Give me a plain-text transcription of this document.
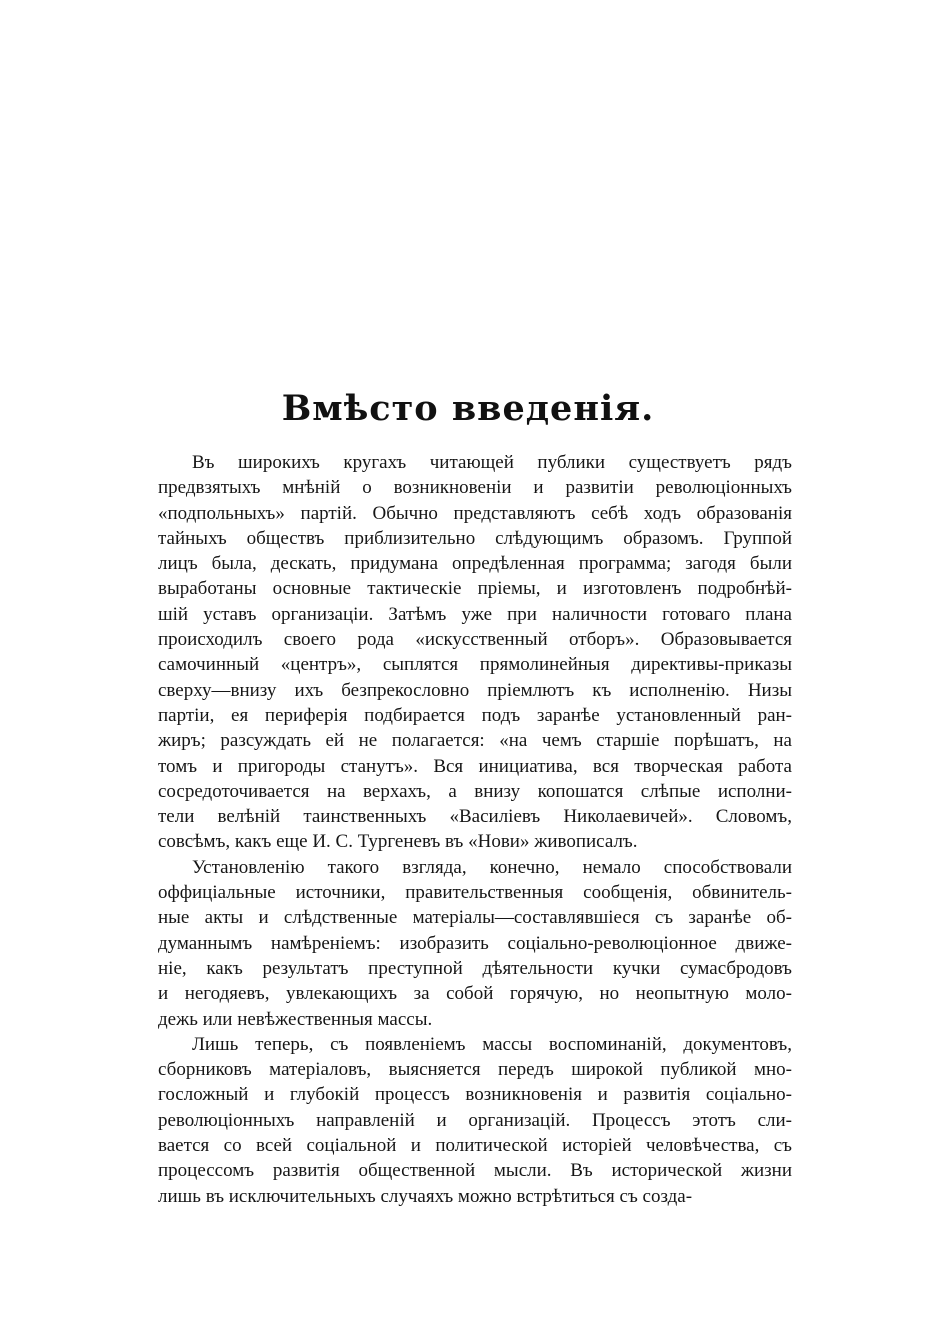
Вмѣсто введенія.
Въ широкихъ кругахъ читающей публики существуетъ рядъ
предвзятыхъ мнѣній о возникновеніи и развитіи революціонныхъ
«подпольныхъ» партій. Обычно представляютъ себѣ ходъ образованія
тайныхъ обществъ приблизительно слѣдующимъ образомъ. Группой
лицъ была, дескать, придумана опредѣленная программа; загодя были
выработаны основные тактическіе пріемы, и изготовленъ подробнѣй-
шій уставъ организаціи. Затѣмъ уже при наличности готоваго плана
происходилъ своего рода «искусственный отборъ». Образовывается
самочинный «центръ», сыплятся прямолинейныя директивы-приказы
сверху—внизу ихъ безпрекословно пріемлютъ къ исполненію. Низы
партіи, ея периферія подбирается подъ заранѣе установленный ран-
жиръ; разсуждать ей не полагается: «на чемъ старшіе порѣшатъ, на
томъ и пригороды станутъ». Вся инициатива, вся творческая работа
сосредоточивается на верхахъ, а внизу копошатся слѣпые исполни-
тели велѣній таинственныхъ «Василіевъ Николаевичей». Словомъ,
совсѣмъ, какъ еще И. С. Тургеневъ въ «Нови» живописалъ.
Установленію такого взгляда, конечно, немало способствовали
оффиціальные источники, правительственныя сообщенія, обвинитель-
ные акты и слѣдственные матеріалы—составлявшіеся съ заранѣе об-
думаннымъ намѣреніемъ: изобразить соціально-революціонное движе-
ніе, какъ результатъ преступной дѣятельности кучки сумасбродовъ
и негодяевъ, увлекающихъ за собой горячую, но неопытную моло-
дежь или невѣжественныя массы.
Лишь теперь, съ появленіемъ массы воспоминаній, документовъ,
сборниковъ матеріаловъ, выясняется передъ широкой публикой мно-
госложный и глубокій процессъ возникновенія и развитія соціально-
революціонныхъ направленій и организацій. Процессъ этотъ сли-
вается со всей соціальной и политической исторіей человѣчества, съ
процессомъ развитія общественной мысли. Въ исторической жизни
лишь въ исключительныхъ случаяхъ можно встрѣтиться съ созда-
